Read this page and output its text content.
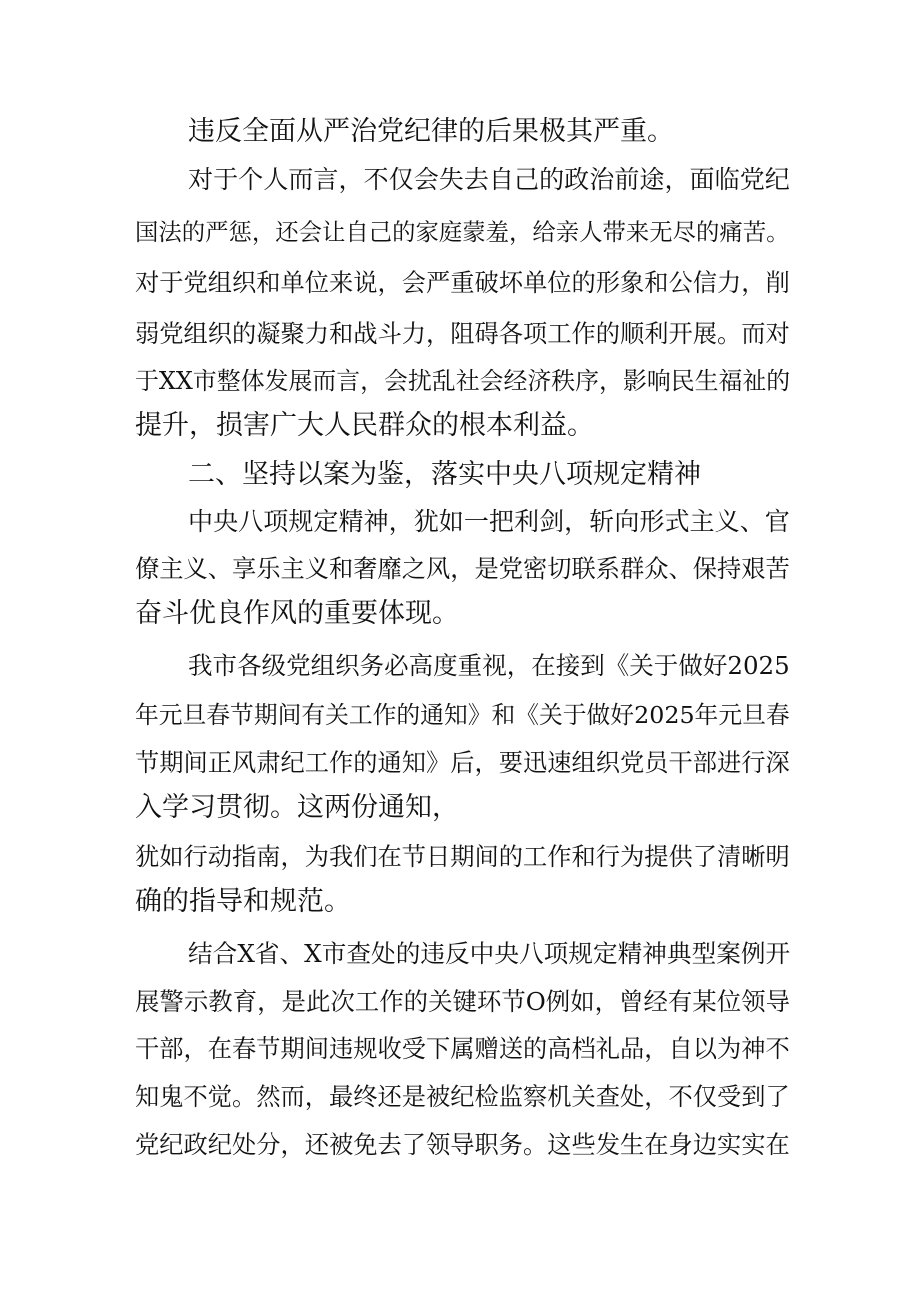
违反全面从严治党纪律的后果极其严重。

对于个人而言，不仅会失去自己的政治前途，面临党纪

国法的严惩，还会让自己的家庭蒙羞，给亲人带来无尽的痛苦。

对于党组织和单位来说，会严重破坏单位的形象和公信力，削

弱党组织的凝聚力和战斗力，阻碍各项工作的顺利开展。而对

于XX市整体发展而言，会扰乱社会经济秩序，影响民生福祉的

提升，损害广大人民群众的根本利益。

二、坚持以案为鉴，落实中央八项规定精神

中央八项规定精神，犹如一把利剑，斩向形式主义、官

僚主义、享乐主义和奢靡之风，是党密切联系群众、保持艰苦

奋斗优良作风的重要体现。

我市各级党组织务必高度重视，在接到《关于做好2025

年元旦春节期间有关工作的通知》和《关于做好2025年元旦春

节期间正风肃纪工作的通知》后，要迅速组织党员干部进行深

入学习贯彻。这两份通知，

犹如行动指南，为我们在节日期间的工作和行为提供了清晰明

确的指导和规范。

结合X省、X市查处的违反中央八项规定精神典型案例开

展警示教育，是此次工作的关键环节O例如，曾经有某位领导

干部，在春节期间违规收受下属赠送的高档礼品，自以为神不

知鬼不觉。然而，最终还是被纪检监察机关查处，不仅受到了

党纪政纪处分，还被免去了领导职务。这些发生在身边实实在
